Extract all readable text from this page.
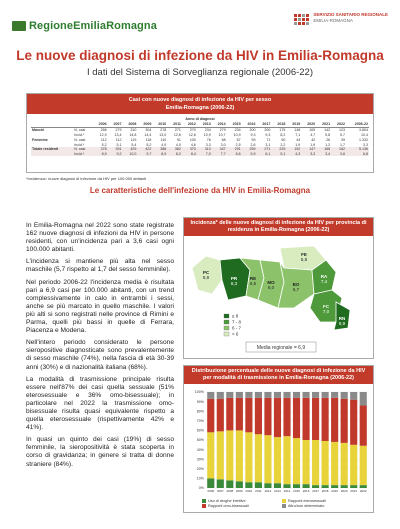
RegioneEmiliaRomagna
SERVIZIO SANITARIO REGIONALE
EMILIA-ROMAGNA
Le nuove diagnosi di infezione da HIV in Emilia-Romagna
I dati del Sistema di Sorveglianza regionale (2006-22)
Casi con nuove diagnosi di infezione da HIV per sesso
Emilia-Romagna (2006-22)
Anno di diagnosi
		2006	2007	2008	2009	2010	2011	2012	2013	2014	2015	2016	2017	2018	2019	2020	2021	2022	2006-22
Maschi	N. casi	266	279	310	304	278	271	270	234	279	234	200	200	175	148	105	142	123	3.804
	Incid.*	12,9	13,4	14,8	14,4	13,0	12,6	12,6	10,9	10,7	10,9	9,3	9,3	8,2	7,1	4,7	5,8	5,7	10,4
Femmine	N. casi	112	112	119	118	110	91	100	76	68	57	59	71	50	44	42	26	39	1.332
	Incid.*	5,2	5,1	5,4	5,2	4,9	4,0	4,6	3,3	3,0	2,5	2,6	3,1	2,2	1,9	1,9	1,2	1,7	3,3
Totale residenti	N. casi	378	391	429	422	388	362	370	310	347	291	259	271	225	192	147	168	162	5.136
	Incid.*	8,9	9,2	10,0	9,7	8,9	8,2	8,4	7,0	7,7	6,6	5,9	6,1	5,1	4,3	3,3	3,4	3,6	6,8
*Incidenza= nuove diagnosi di infezione da HIV per 100.000 abitanti
Le caratteristiche dell'infezione da HIV in Emilia-Romagna

In Emilia-Romagna nel 2022 sono state registrate 162 nuove diagnosi di infezioni da HIV in persone residenti, con un'incidenza pari a 3,6 casi ogni 100.000 abitanti.

L'incidenza si mantiene più alta nel sesso maschile (5,7 rispetto al 1,7 del sesso femminile).

Nel periodo 2006-22 l'incidenza media è risultata pari a 6,9 casi per 100.000 abitanti, con un trend complessivamente in calo in entrambi i sessi, anche se più marcato in quello maschile. I valori più alti si sono registrati nelle province di Rimini e Parma, quelli più bassi in quelle di Ferrara, Piacenza e Modena.

Nell'intero periodo considerato le persone sieropositive diagnosticate sono prevalentemente di sesso maschile (74%), nella fascia di età 30-39 anni (30%) e di nazionalità italiana (68%).

La modalità di trasmissione principale risulta essere nell'87% dei casi quella sessuale (51% eterosessuale e 36% omo-bisessuale); in particolare nel 2022 la trasmissione omo-bisessuale risulta quasi equivalente rispetto a quella eterosessuale (rispettivamente 42% e 41%).

In quasi un quinto dei casi (19%) di sesso femminile, la sieropositività è stata scoperta in corso di gravidanza; in genere si tratta di donne straniere (84%).

Incidenza* delle nuove diagnosi di infezione da HIV per provincia di residenza in Emilia-Romagna (2006-22)
PC
5,9	PR
8,3
RE
6,5 MO
6,0
BO
6,7
FE
5,8
RA
7,4
FC
7,0
RN
8,9
≥ 8
7 - 8
6 - 7
< 6
Media regionale = 6,9
Distribuzione percentuale delle nuove diagnosi di infezione da HIV per modalità di trasmissione in Emilia-Romagna (2006-22)
0%
10%
20%
30%
40%
50%
60%
70%
80%
90%
100%
2006 2007 2008 2009 2010 2011 2012 2013 2014 2015 2016 2017 2018 2019 2020 2021 2022
Uso di droghe iniettive	Rapporti eterosessuali
Rapporti omo-bisessuali	Altro/non determinato
